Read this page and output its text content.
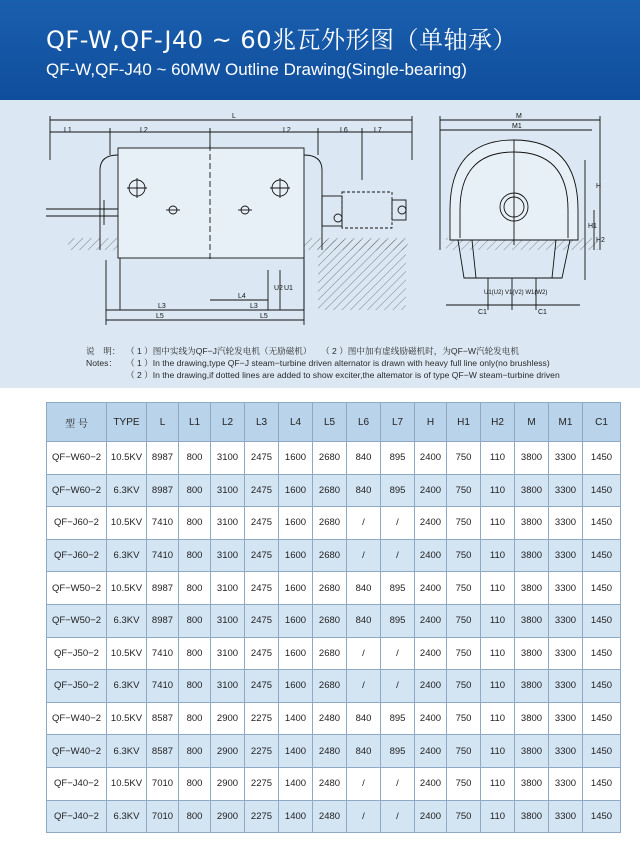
QF-W,QF-J40 ~ 60兆瓦外形图（单轴承）
QF-W,QF-J40 ~ 60MW Outline Drawing(Single-bearing)
L
L1	L2	L2	L6	L7
U2 U1
L4
L3	L3
L5	L5
M
M1
H
H1
H2
U1(U2) V1(V2) W1(W2)
C1	C1
说　明： （ 1 ）图中实线为QF−J汽轮发电机（无励磁机） （ 2 ）图中加有虚线励磁机时，为QF−W汽轮发电机
Notes： （ 1 ）In the drawing,type QF−J steam−turbine driven alternator is drawn with heavy full line only(no brushless)
（ 2 ）In the drawing,if dotted lines are added to show exciter,the altemator is of type QF−W steam−turbine driven
型 号	TYPE	L	L1	L2	L3	L4	L5	L6	L7	H	H1	H2	M	M1	C1
QF−W60−2	10.5KV	8987	800	3100	2475	1600	2680	840	895	2400	750	110	3800	3300	1450
QF−W60−2	6.3KV	8987	800	3100	2475	1600	2680	840	895	2400	750	110	3800	3300	1450
QF−J60−2	10.5KV	7410	800	3100	2475	1600	2680	/	/	2400	750	110	3800	3300	1450
QF−J60−2	6.3KV	7410	800	3100	2475	1600	2680	/	/	2400	750	110	3800	3300	1450
QF−W50−2	10.5KV	8987	800	3100	2475	1600	2680	840	895	2400	750	110	3800	3300	1450
QF−W50−2	6.3KV	8987	800	3100	2475	1600	2680	840	895	2400	750	110	3800	3300	1450
QF−J50−2	10.5KV	7410	800	3100	2475	1600	2680	/	/	2400	750	110	3800	3300	1450
QF−J50−2	6.3KV	7410	800	3100	2475	1600	2680	/	/	2400	750	110	3800	3300	1450
QF−W40−2	10.5KV	8587	800	2900	2275	1400	2480	840	895	2400	750	110	3800	3300	1450
QF−W40−2	6.3KV	8587	800	2900	2275	1400	2480	840	895	2400	750	110	3800	3300	1450
QF−J40−2	10.5KV	7010	800	2900	2275	1400	2480	/	/	2400	750	110	3800	3300	1450
QF−J40−2	6.3KV	7010	800	2900	2275	1400	2480	/	/	2400	750	110	3800	3300	1450
